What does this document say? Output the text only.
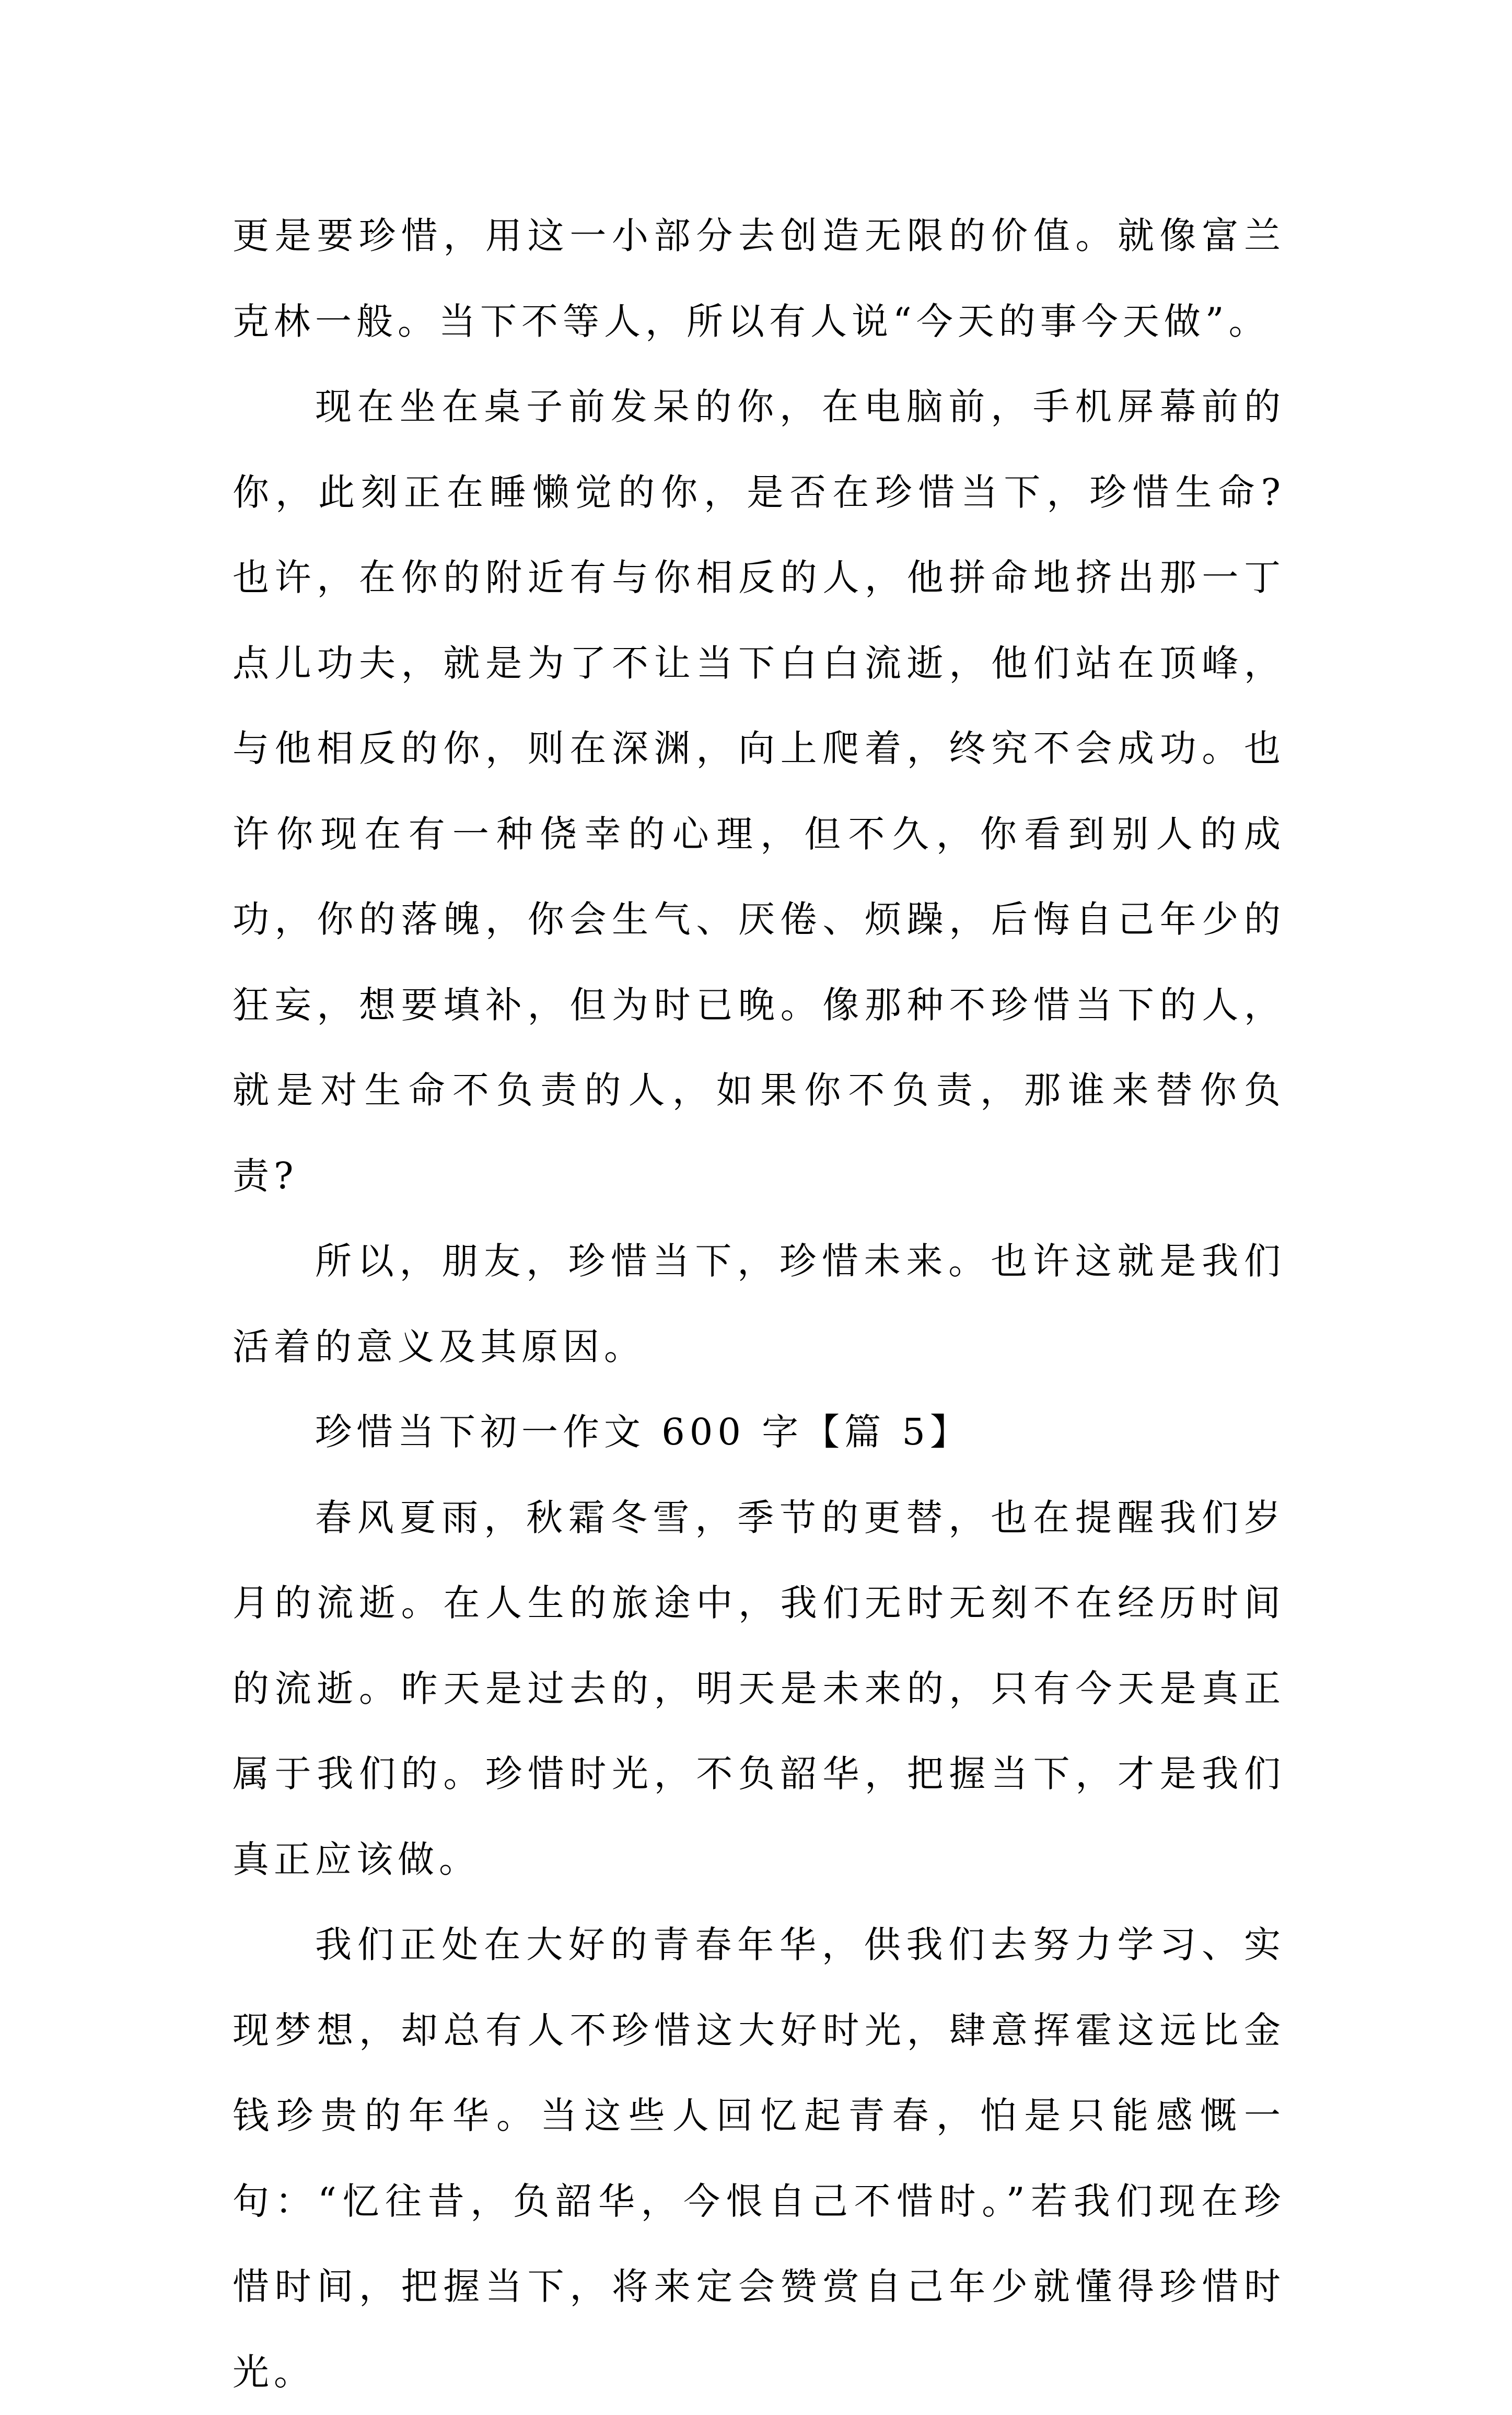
更是要珍惜，用这一小部分去创造无限的价值。就像富兰克林一般。当下不等人，所以有人说“今天的事今天做”。

现在坐在桌子前发呆的你，在电脑前，手机屏幕前的你，此刻正在睡懒觉的你，是否在珍惜当下，珍惜生命?也许，在你的附近有与你相反的人，他拼命地挤出那一丁点儿功夫，就是为了不让当下白白流逝，他们站在顶峰，与他相反的你，则在深渊，向上爬着，终究不会成功。也许你现在有一种侥幸的心理，但不久，你看到别人的成功，你的落魄，你会生气、厌倦、烦躁，后悔自己年少的狂妄，想要填补，但为时已晚。像那种不珍惜当下的人，就是对生命不负责的人，如果你不负责，那谁来替你负责?

所以，朋友，珍惜当下，珍惜未来。也许这就是我们活着的意义及其原因。

珍惜当下初一作文 600 字【篇 5】

春风夏雨，秋霜冬雪，季节的更替，也在提醒我们岁月的流逝。在人生的旅途中，我们无时无刻不在经历时间的流逝。昨天是过去的，明天是未来的，只有今天是真正属于我们的。珍惜时光，不负韶华，把握当下，才是我们真正应该做。

我们正处在大好的青春年华，供我们去努力学习、实现梦想，却总有人不珍惜这大好时光，肆意挥霍这远比金钱珍贵的年华。当这些人回忆起青春，怕是只能感慨一句：“忆往昔，负韶华，今恨自己不惜时。”若我们现在珍惜时间，把握当下，将来定会赞赏自己年少就懂得珍惜时光。
